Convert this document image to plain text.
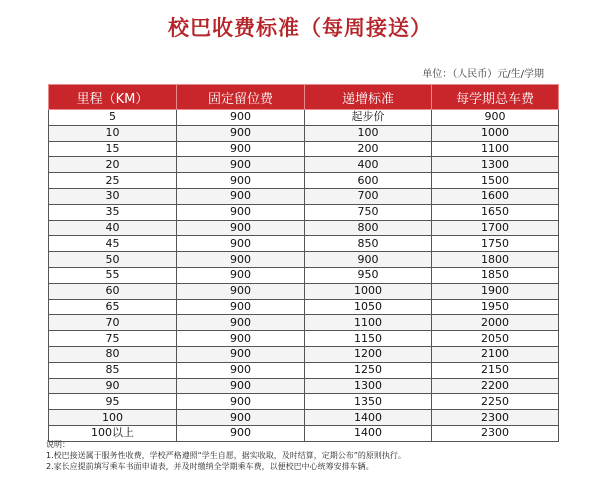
校巴收费标准（每周接送）
单位：（人民币）元/生/学期
里程（KM）	固定留位费	递增标准	每学期总车费
5	900	起步价	900
10	900	100	1000
15	900	200	1100
20	900	400	1300
25	900	600	1500
30	900	700	1600
35	900	750	1650
40	900	800	1700
45	900	850	1750
50	900	900	1800
55	900	950	1850
60	900	1000	1900
65	900	1050	1950
70	900	1100	2000
75	900	1150	2050
80	900	1200	2100
85	900	1250	2150
90	900	1300	2200
95	900	1350	2250
100	900	1400	2300
100以上	900	1400	2300
说明：
1.校巴接送属于服务性收费，学校严格遵照“学生自愿，据实收取，及时结算，定期公布”的原则执行。
2.家长应提前填写乘车书面申请表，并及时缴纳全学期乘车费，以便校巴中心统筹安排车辆。
